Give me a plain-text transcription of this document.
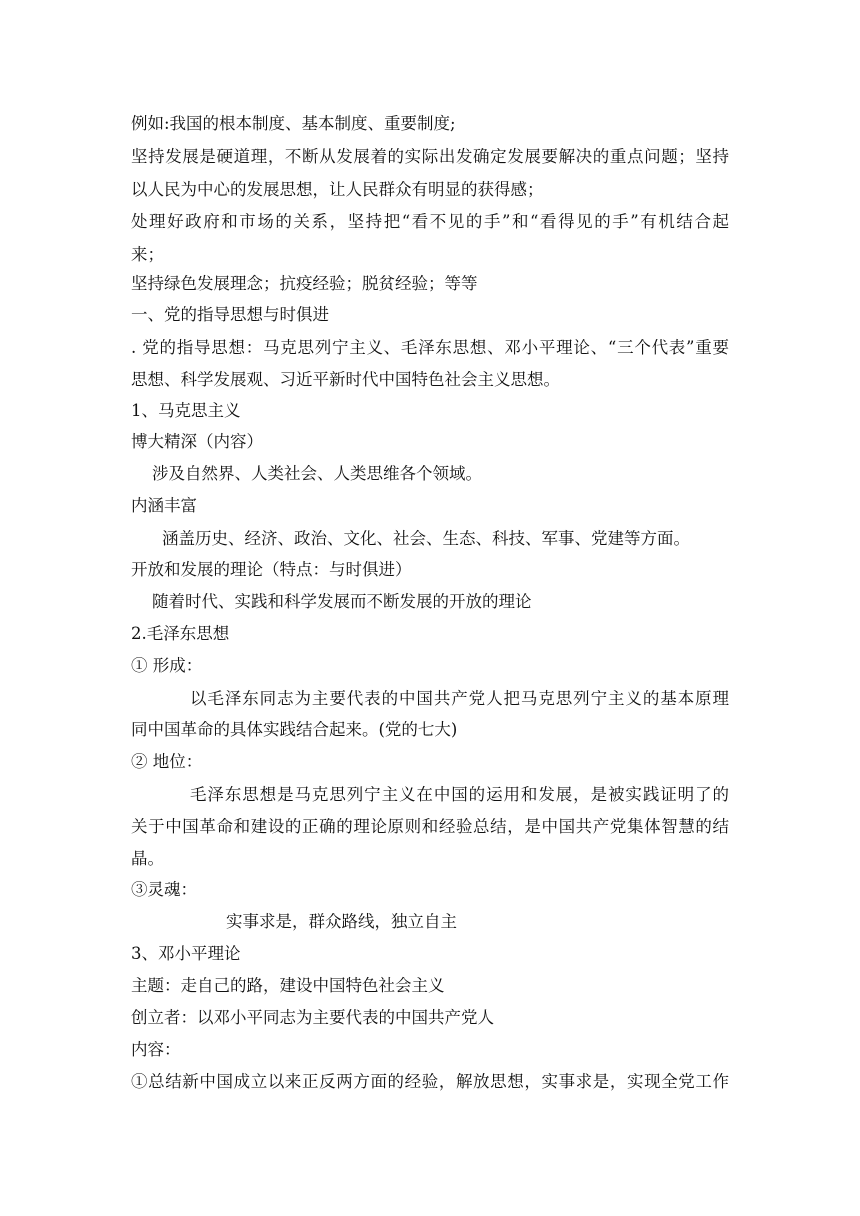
例如:我国的根本制度、基本制度、重要制度;
坚持发展是硬道理，不断从发展着的实际出发确定发展要解决的重点问题；坚持
以人民为中心的发展思想，让人民群众有明显的获得感；
处理好政府和市场的关系，坚持把“看不见的手”和“看得见的手”有机结合起
来；
坚持绿色发展理念；抗疫经验；脱贫经验；等等
一、党的指导思想与时俱进
. 党的指导思想：马克思列宁主义、毛泽东思想、邓小平理论、“三个代表”重要
思想、科学发展观、习近平新时代中国特色社会主义思想。
1、马克思主义
博大精深（内容）
涉及自然界、人类社会、人类思维各个领域。
内涵丰富
涵盖历史、经济、政治、文化、社会、生态、科技、军事、党建等方面。
开放和发展的理论（特点：与时俱进）
随着时代、实践和科学发展而不断发展的开放的理论
2.毛泽东思想
① 形成：
以毛泽东同志为主要代表的中国共产党人把马克思列宁主义的基本原理
同中国革命的具体实践结合起来。(党的七大)
② 地位：
毛泽东思想是马克思列宁主义在中国的运用和发展，是被实践证明了的
关于中国革命和建设的正确的理论原则和经验总结，是中国共产党集体智慧的结
晶。
③灵魂：
实事求是，群众路线，独立自主
3、邓小平理论
主题：走自己的路，建设中国特色社会主义
创立者：以邓小平同志为主要代表的中国共产党人
内容：
①总结新中国成立以来正反两方面的经验，解放思想，实事求是，实现全党工作
